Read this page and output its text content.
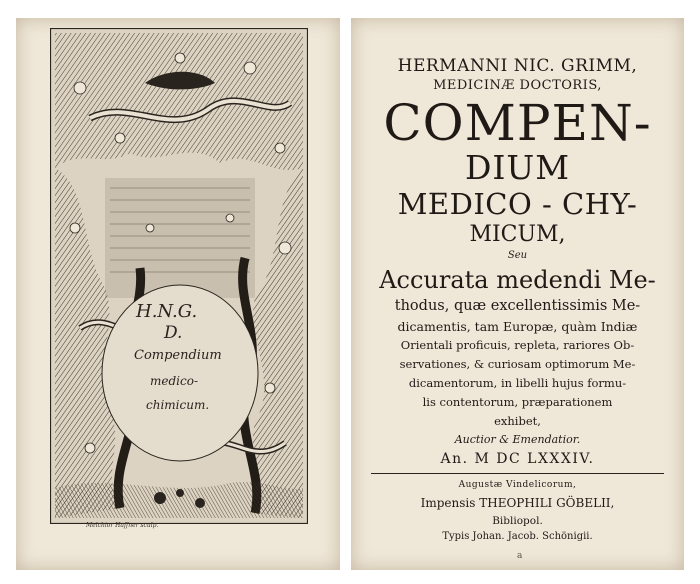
H.N.G.
D.
Compendium
medico-
chimicum.
Melchior Haffner sculp.
HERMANNI NIC. GRIMM,
MEDICINÆ DOCTORIS,
COMPEN-
DIUM
MEDICO - CHY-
MICUM,
Seu
Accurata medendi Me-
thodus, quæ excellentissimis Me-
dicamentis, tam Europæ, quàm Indiæ
Orientali proficuis, repleta, rariores Ob-
servationes, & curiosam optimorum Me-
dicamentorum, in libelli hujus formu-
lis contentorum, præparationem
exhibet,
Auctior & Emendatior.
An. M DC LXXXIV.
Augustæ Vindelicorum,
Impensis THEOPHILI GÖBELII,
Bibliopol.
Typis Johan. Jacob. Schönigii.
a
